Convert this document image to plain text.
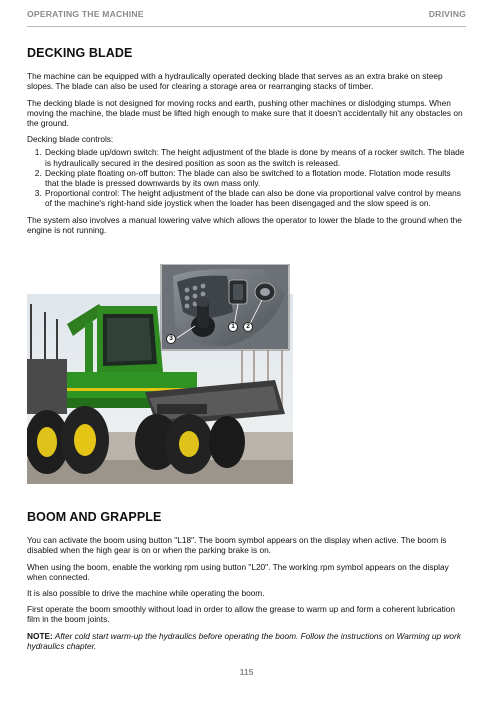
OPERATING THE MACHINE	DRIVING
DECKING BLADE

The machine can be equipped with a hydraulically operated decking blade that serves as an extra brake on steep slopes. The blade can also be used for clearing a storage area or rearranging stacks of timber.

The decking blade is not designed for moving rocks and earth, pushing other machines or dislodging stumps. When moving the machine, the blade must be lifted high enough to make sure that it doesn't accidentally hit any obstacles on the ground.

Decking blade controls:

1. Decking blade up/down switch: The height adjustment of the blade is done by means of a rocker switch. The blade is hydraulically secured in the desired position as soon as the switch is released.
2. Decking plate floating on-off button: The blade can also be switched to a flotation mode. Flotation mode results that the blade is pressed downwards by its own mass only.
3. Proportional control: The height adjustment of the blade can also be done via proportional valve control by means of the machine's right-hand side joystick when the loader has been disengaged and the slow speed is on.

The system also involves a manual lowering valve which allows the operator to lower the blade to the ground when the engine is not running.

1	2
3
BOOM AND GRAPPLE

You can activate the boom using button "L18". The boom symbol appears on the display when active. The boom is disabled when the high gear is on or when the parking brake is on.

When using the boom, enable the working rpm using button "L20". The working rpm symbol appears on the display when connected.

It is also possible to drive the machine while operating the boom.

First operate the boom smoothly without load in order to allow the grease to warm up and form a coherent lubrication film in the boom joints.

NOTE: After cold start warm-up the hydraulics before operating the boom. Follow the instructions on Warming up work hydraulics chapter.

115
